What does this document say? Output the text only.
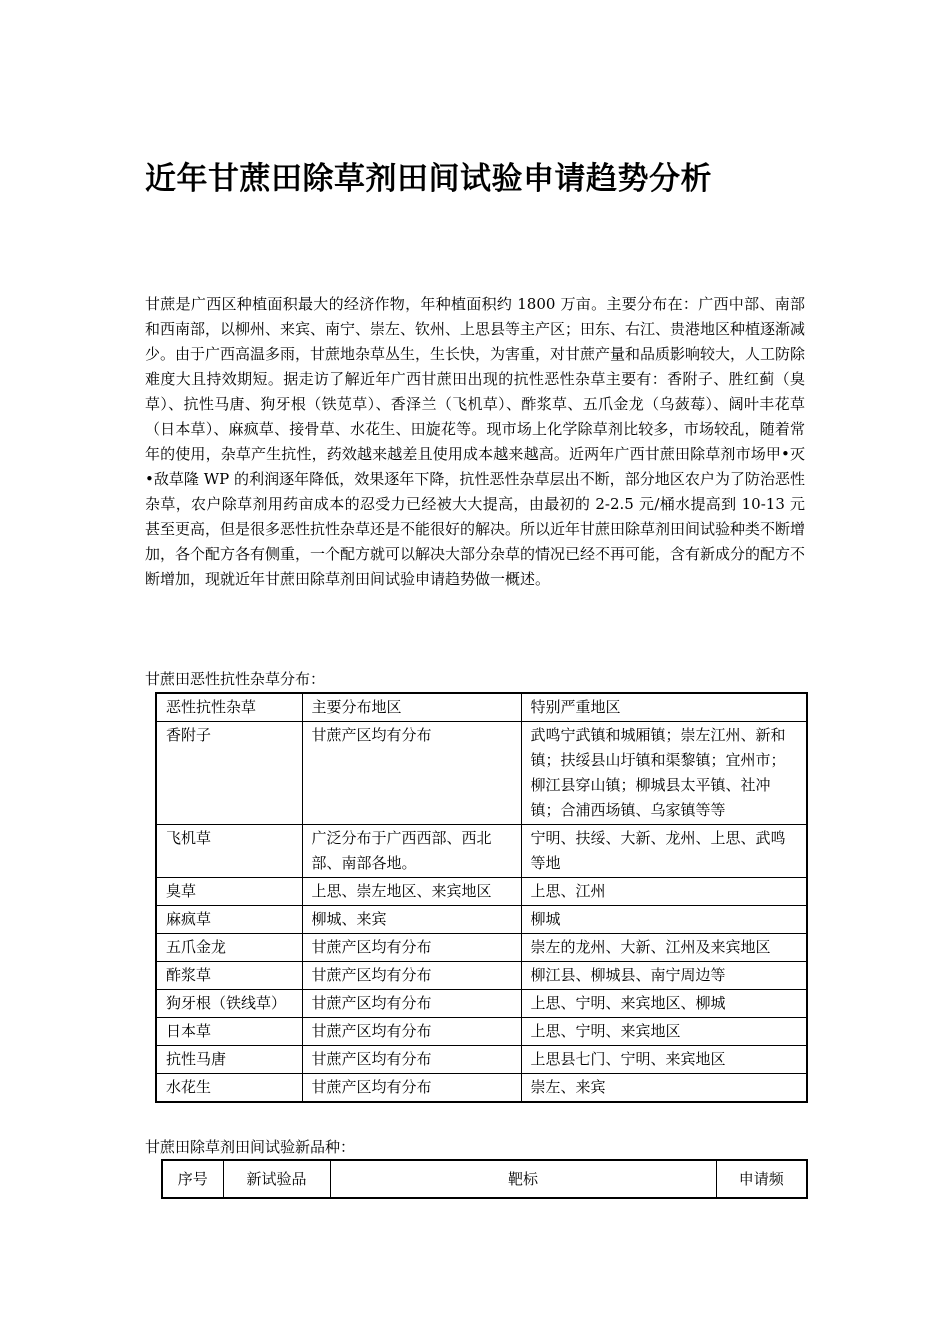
近年甘蔗田除草剂田间试验申请趋势分析

甘蔗是广西区种植面积最大的经济作物，年种植面积约 1800 万亩。主要分布在：广西中部、南部和西南部，以柳州、来宾、南宁、崇左、钦州、上思县等主产区；田东、右江、贵港地区种植逐渐减少。由于广西高温多雨，甘蔗地杂草丛生，生长快，为害重，对甘蔗产量和品质影响较大，人工防除难度大且持效期短。据走访了解近年广西甘蔗田出现的抗性恶性杂草主要有：香附子、胜红蓟（臭草）、抗性马唐、狗牙根（铁苋草）、香泽兰（飞机草）、酢浆草、五爪金龙（乌蔹莓）、阔叶丰花草（日本草）、麻疯草、接骨草、水花生、田旋花等。现市场上化学除草剂比较多，市场较乱，随着常年的使用，杂草产生抗性，药效越来越差且使用成本越来越高。近两年广西甘蔗田除草剂市场甲•灭•敌草隆 WP 的利润逐年降低，效果逐年下降，抗性恶性杂草层出不断，部分地区农户为了防治恶性杂草，农户除草剂用药亩成本的忍受力已经被大大提高，由最初的 2-2.5 元/桶水提高到 10-13 元甚至更高，但是很多恶性抗性杂草还是不能很好的解决。所以近年甘蔗田除草剂田间试验种类不断增加，各个配方各有侧重，一个配方就可以解决大部分杂草的情况已经不再可能，含有新成分的配方不断增加，现就近年甘蔗田除草剂田间试验申请趋势做一概述。

甘蔗田恶性抗性杂草分布：

恶性抗性杂草	主要分布地区	特别严重地区
香附子	甘蔗产区均有分布	武鸣宁武镇和城厢镇；崇左江州、新和镇；扶绥县山圩镇和渠黎镇；宜州市；柳江县穿山镇；柳城县太平镇、社冲镇；合浦西场镇、乌家镇等等
飞机草	广泛分布于广西西部、西北部、南部各地。	宁明、扶绥、大新、龙州、上思、武鸣等地
臭草	上思、崇左地区、来宾地区	上思、江州
麻疯草	柳城、来宾	柳城
五爪金龙	甘蔗产区均有分布	崇左的龙州、大新、江州及来宾地区
酢浆草	甘蔗产区均有分布	柳江县、柳城县、南宁周边等
狗牙根（铁线草）	甘蔗产区均有分布	上思、宁明、来宾地区、柳城
日本草	甘蔗产区均有分布	上思、宁明、来宾地区
抗性马唐	甘蔗产区均有分布	上思县七门、宁明、来宾地区
水花生	甘蔗产区均有分布	崇左、来宾

甘蔗田除草剂田间试验新品种：

序号	新试验品	靶标	申请频
